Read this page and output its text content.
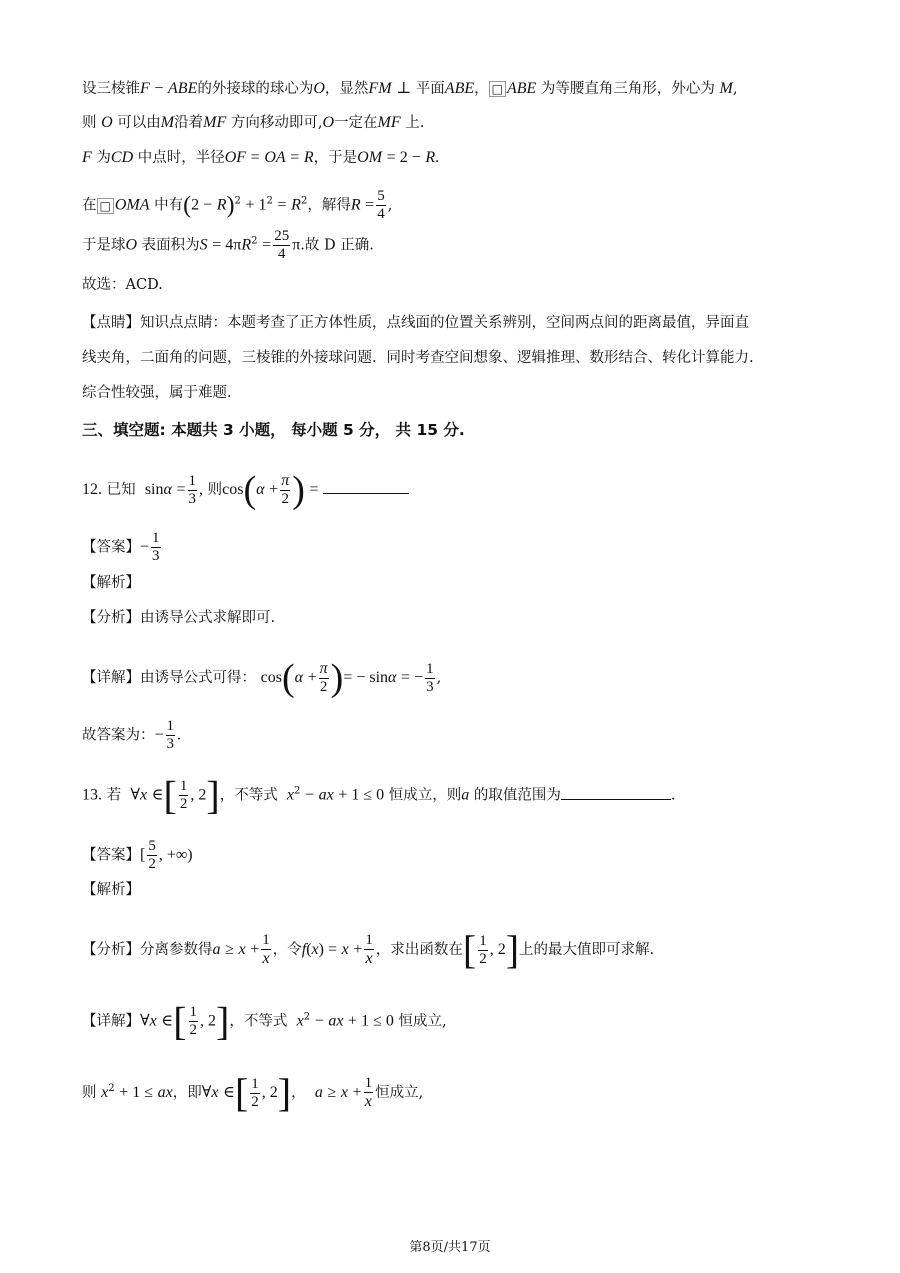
设三棱锥F − ABE的外接球的球心为O，显然FM ⊥ 平面ABE， □ ABE 为等腰直角三角形，外心为 M,
则 O 可以由M沿着MF 方向移动即可,O一定在MF 上.
F 为CD 中点时，半径OF = OA = R，于是OM = 2 − R.
在 □ OMA 中有$(2 - R)^2 + 1^2 = R^2$，解得$R = \frac{5}{4}$ ,
于是球O 表面积为$S = 4\pi R^2 = \frac{25}{4} \pi$.故 D 正确.
故选：ACD.
【点睛】知识点点睛：本题考查了正方体性质，点线面的位置关系辨别，空间两点间的距离最值，异面直
线夹角，二面角的问题，三棱锥的外接球问题．同时考查空间想象、逻辑推理、数形结合、转化计算能力.
综合性较强，属于难题.
三、填空题: 本题共 3 小题， 每小题 5 分， 共 15 分.
12. 已知 $\sin\alpha = \frac{1}{3}$ , 则$\cos(\alpha + \frac{\pi}{2}$ ) =
【答案】− $\frac{1}{3}$
【解析】
【分析】由诱导公式求解即可.
【详解】由诱导公式可得： $\cos(\alpha + \frac{\pi}{2}$ )= − sinα = − $\frac{1}{3}$ ,
故答案为：− $\frac{1}{3}$ .
13. 若 ∀x ∈[ $\frac{1}{2}$ , 2]，不等式 $x^2$ − ax + 1 ≤ 0 恒成立，则a 的取值范围为	.
【答案】[ $\frac{5}{2}$ , +∞)
【解析】
【分析】分离参数得$a \ge x + \frac{1}{x}$ ，令$f(x) = x + \frac{1}{x}$ ，求出函数在[ $\frac{1}{2}$ , 2]上的最大值即可求解.
【详解】∀x ∈[ $\frac{1}{2}$ , 2]，不等式 $x^2$ − ax + 1 ≤ 0 恒成立,
则 $x^2 + 1$ ≤ ax，即∀x ∈[ $\frac{1}{2}$ , 2]， $a \ge x + \frac{1}{x}$ 恒成立,
第8页/共17页
